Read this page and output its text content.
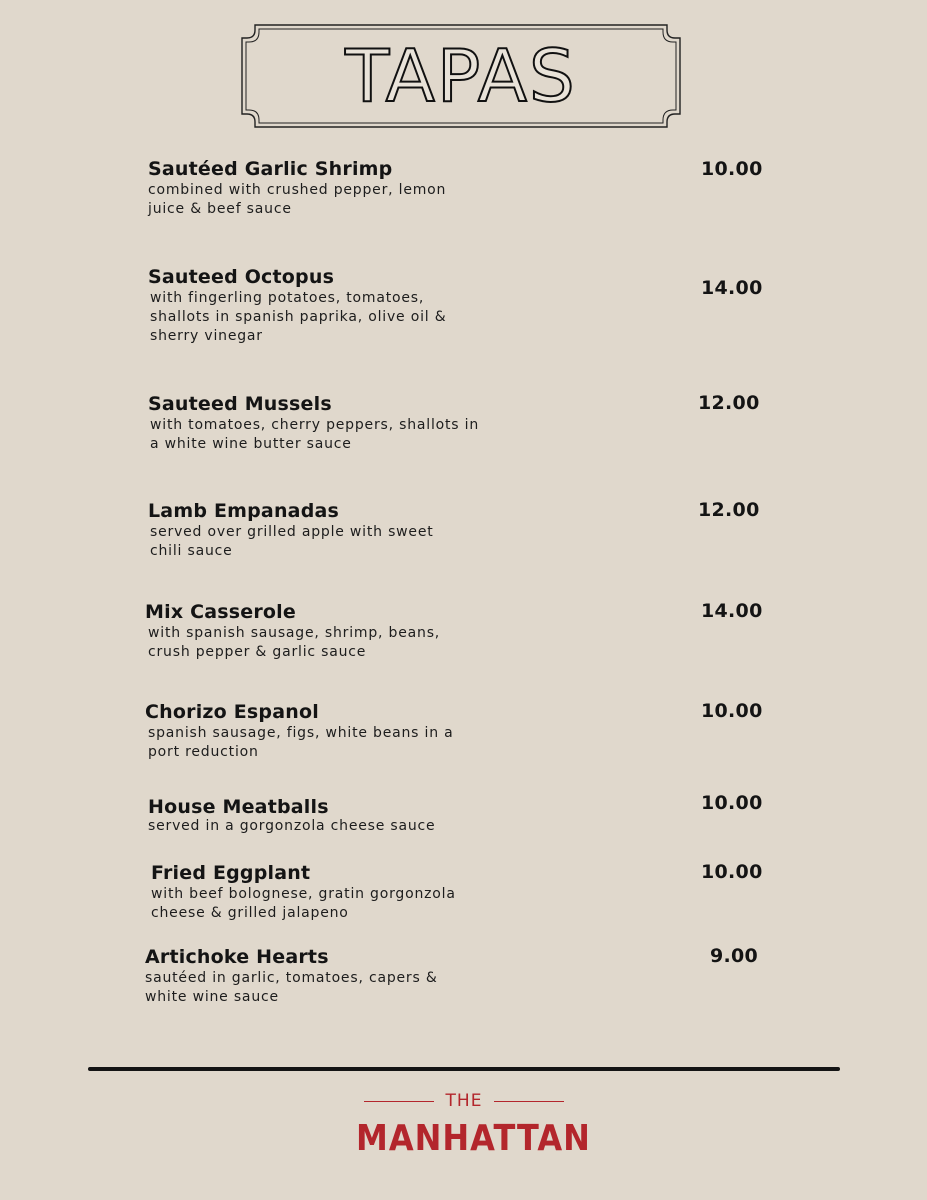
TAPAS
Sautéed Garlic Shrimp
combined with crushed pepper, lemon juice & beef sauce
10.00
Sauteed Octopus
with fingerling potatoes, tomatoes, shallots in spanish paprika, olive oil & sherry vinegar
14.00
Sauteed Mussels
with tomatoes, cherry peppers, shallots in a white wine butter sauce
12.00
Lamb Empanadas
served over grilled apple with sweet chili sauce
12.00
Mix Casserole
with spanish sausage, shrimp, beans, crush pepper & garlic sauce
14.00
Chorizo Espanol
spanish sausage, figs, white beans in a port reduction
10.00
House Meatballs
served in a gorgonzola cheese sauce
10.00
Fried Eggplant
with beef bolognese, gratin gorgonzola cheese & grilled jalapeno
10.00
Artichoke Hearts
sautéed in garlic, tomatoes, capers & white wine sauce
9.00
THE
MANHATTAN
